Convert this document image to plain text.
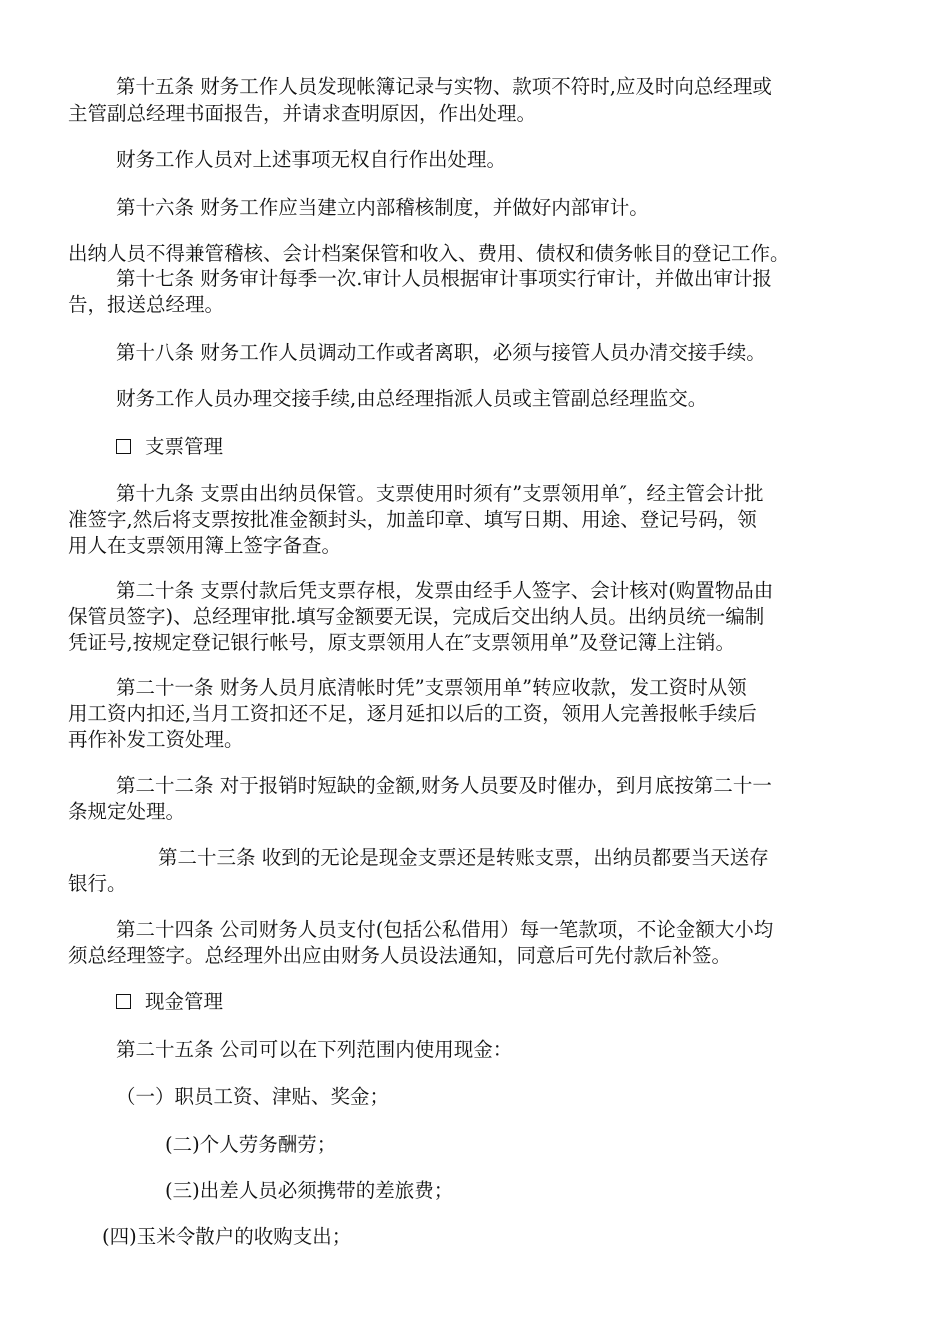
第十五条 财务工作人员发现帐簿记录与实物、款项不符时,应及时向总经理或
主管副总经理书面报告，并请求查明原因，作出处理。
财务工作人员对上述事项无权自行作出处理。
第十六条 财务工作应当建立内部稽核制度，并做好内部审计。
出纳人员不得兼管稽核、会计档案保管和收入、费用、债权和债务帐目的登记工作。
第十七条 财务审计每季一次.审计人员根据审计事项实行审计，并做出审计报
告，报送总经理。
第十八条 财务工作人员调动工作或者离职，必须与接管人员办清交接手续。
财务工作人员办理交接手续,由总经理指派人员或主管副总经理监交。
支票管理
第十九条 支票由出纳员保管。支票使用时须有”支票领用单″，经主管会计批
准签字,然后将支票按批准金额封头，加盖印章、填写日期、用途、登记号码，领
用人在支票领用簿上签字备查。
第二十条 支票付款后凭支票存根，发票由经手人签字、会计核对(购置物品由
保管员签字)、总经理审批.填写金额要无误，完成后交出纳人员。出纳员统一编制
凭证号,按规定登记银行帐号，原支票领用人在″支票领用单”及登记簿上注销。
第二十一条 财务人员月底清帐时凭”支票领用单”转应收款，发工资时从领
用工资内扣还,当月工资扣还不足，逐月延扣以后的工资，领用人完善报帐手续后
再作补发工资处理。
第二十二条 对于报销时短缺的金额,财务人员要及时催办，到月底按第二十一
条规定处理。
第二十三条 收到的无论是现金支票还是转账支票，出纳员都要当天送存
银行。
第二十四条 公司财务人员支付(包括公私借用）每一笔款项，不论金额大小均
须总经理签字。总经理外出应由财务人员设法通知，同意后可先付款后补签。
现金管理
第二十五条 公司可以在下列范围内使用现金：
（一）职员工资、津贴、奖金；
(二)个人劳务酬劳；
(三)出差人员必须携带的差旅费；
(四)玉米令散户的收购支出；
